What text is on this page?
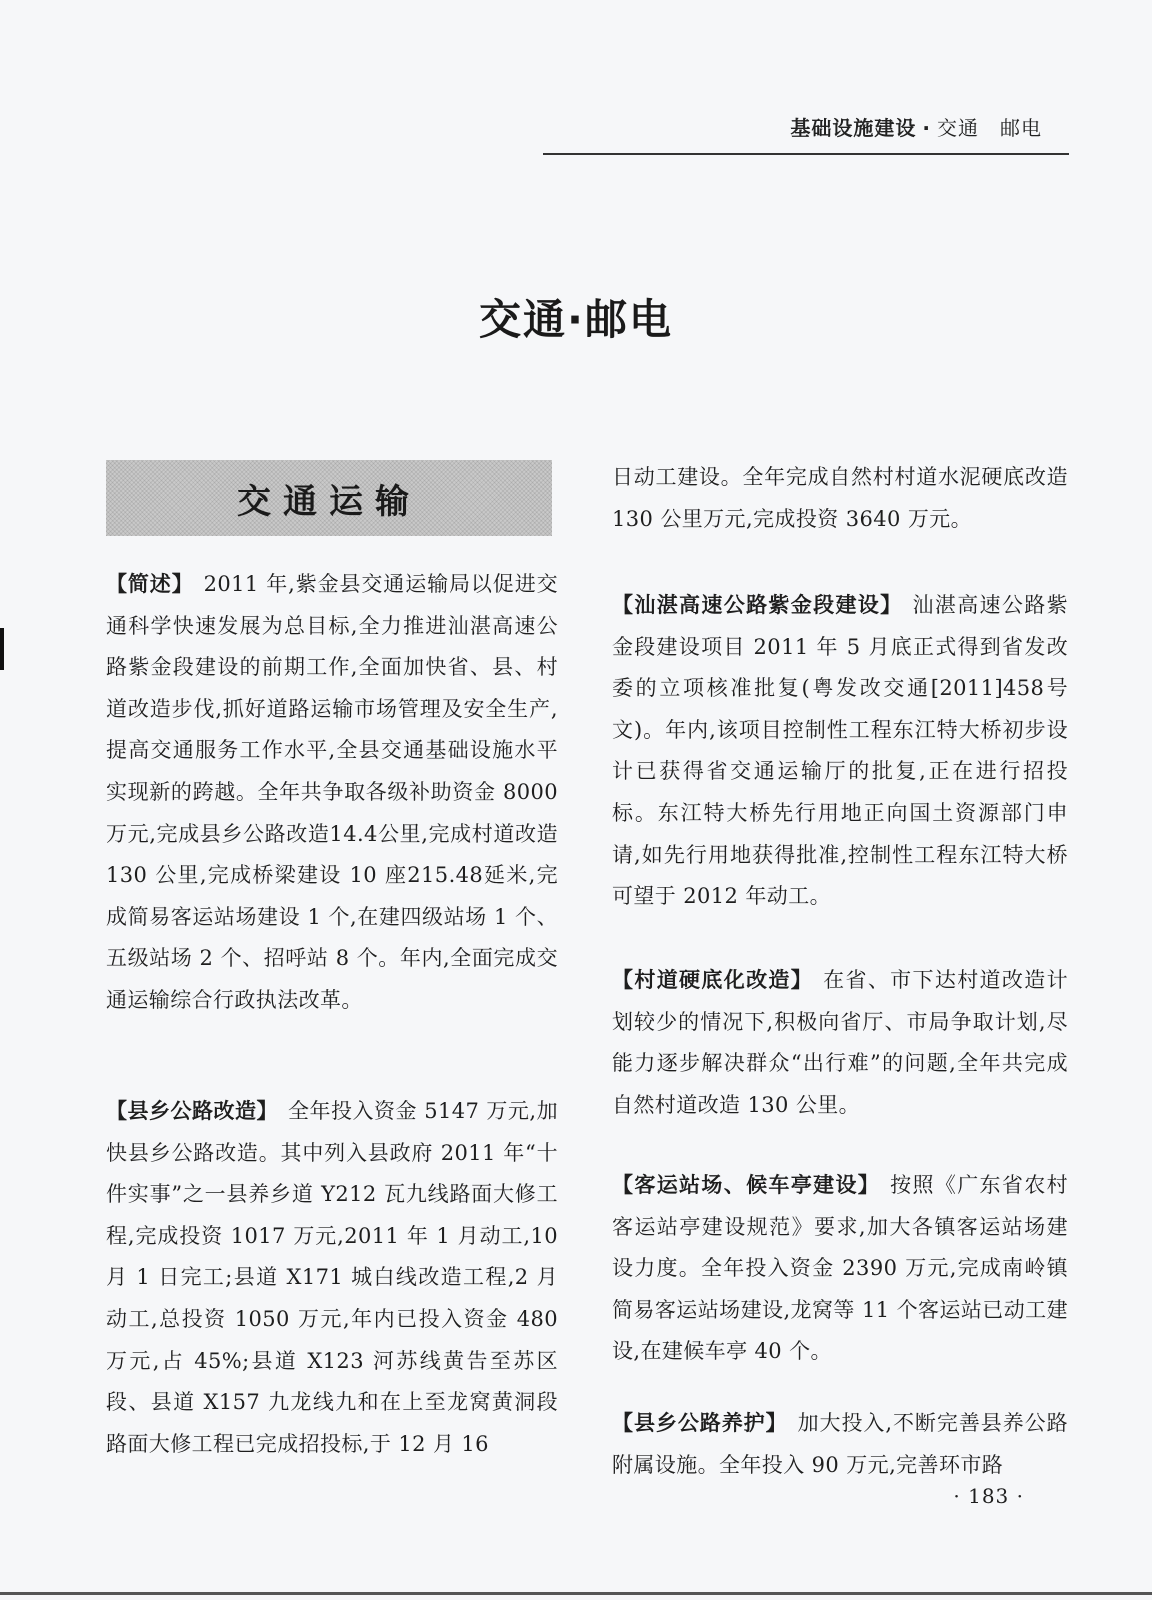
基础设施建设 · 交通　邮电
交通·邮电
交通运输

【简述】 2011 年,紫金县交通运输局以促进交通科学快速发展为总目标,全力推进汕湛高速公路紫金段建设的前期工作,全面加快省、县、村道改造步伐,抓好道路运输市场管理及安全生产,提高交通服务工作水平,全县交通基础设施水平实现新的跨越。全年共争取各级补助资金 8000 万元,完成县乡公路改造14.4公里,完成村道改造 130 公里,完成桥梁建设 10 座215.48延米,完成简易客运站场建设 1 个,在建四级站场 1 个、五级站场 2 个、招呼站 8 个。年内,全面完成交通运输综合行政执法改革。

【县乡公路改造】 全年投入资金 5147 万元,加快县乡公路改造。其中列入县政府 2011 年“十件实事”之一县养乡道 Y212 瓦九线路面大修工程,完成投资 1017 万元,2011 年 1 月动工,10 月 1 日完工;县道 X171 城白线改造工程,2 月动工,总投资 1050 万元,年内已投入资金 480 万元,占 45%;县道 X123 河苏线黄告至苏区段、县道 X157 九龙线九和在上至龙窝黄洞段路面大修工程已完成招投标,于 12 月 16

日动工建设。全年完成自然村村道水泥硬底改造 130 公里万元,完成投资 3640 万元。

【汕湛高速公路紫金段建设】 汕湛高速公路紫金段建设项目 2011 年 5 月底正式得到省发改委的立项核准批复(粤发改交通[2011]458号文)。年内,该项目控制性工程东江特大桥初步设计已获得省交通运输厅的批复,正在进行招投标。东江特大桥先行用地正向国土资源部门申请,如先行用地获得批准,控制性工程东江特大桥可望于 2012 年动工。

【村道硬底化改造】 在省、市下达村道改造计划较少的情况下,积极向省厅、市局争取计划,尽能力逐步解决群众“出行难”的问题,全年共完成自然村道改造 130 公里。

【客运站场、候车亭建设】 按照《广东省农村客运站亭建设规范》要求,加大各镇客运站场建设力度。全年投入资金 2390 万元,完成南岭镇简易客运站场建设,龙窝等 11 个客运站已动工建设,在建候车亭 40 个。

【县乡公路养护】 加大投入,不断完善县养公路附属设施。全年投入 90 万元,完善环市路

· 183 ·
